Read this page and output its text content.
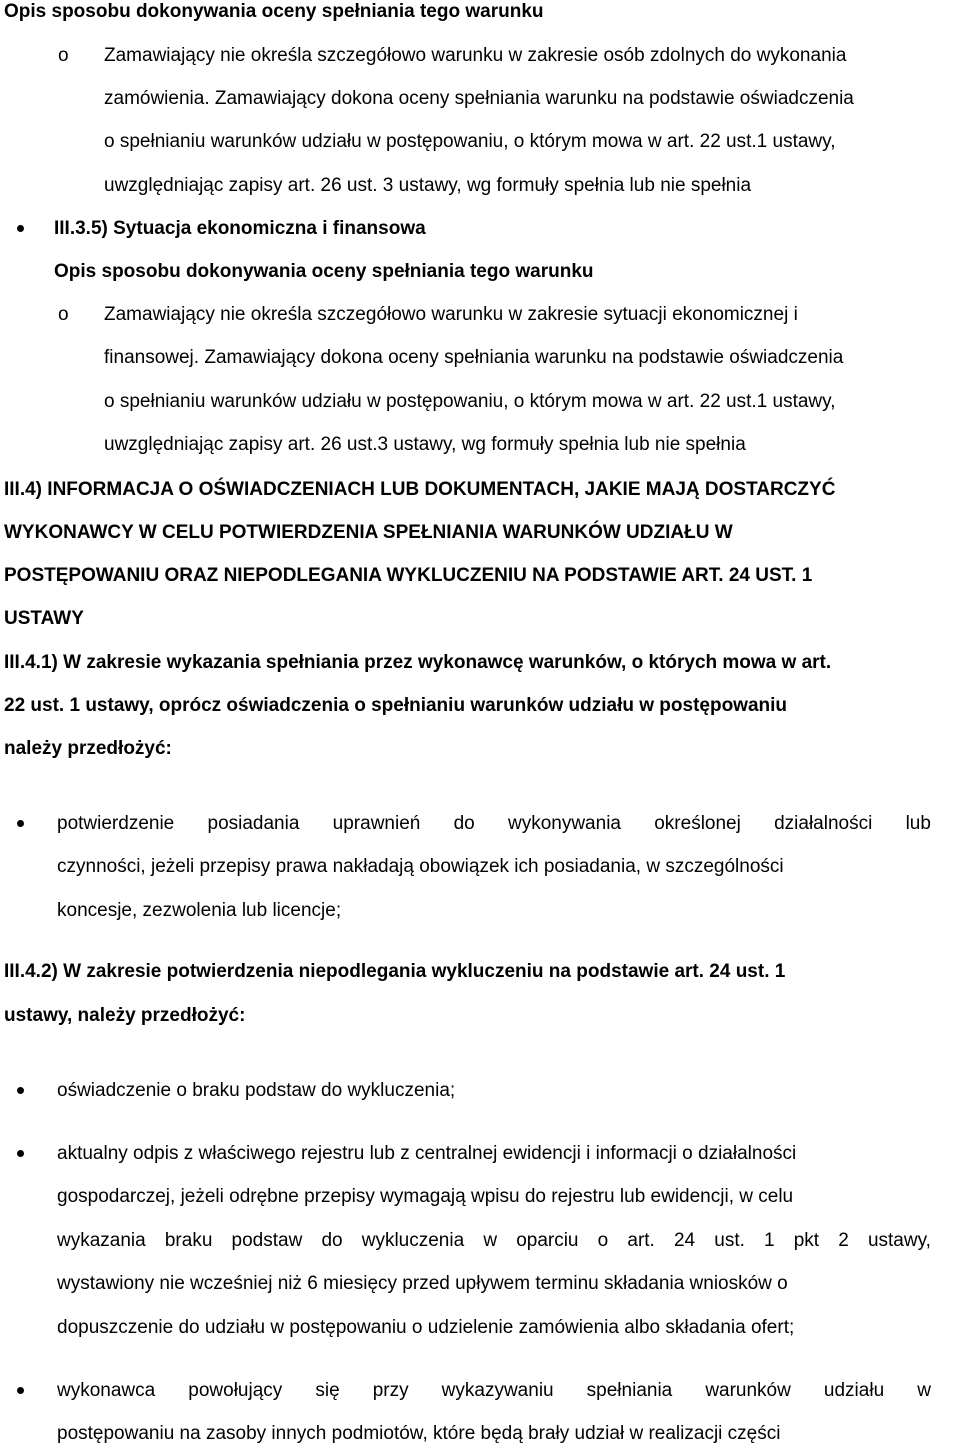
Opis sposobu dokonywania oceny spełniania tego warunku
o Zamawiający nie określa szczegółowo warunku w zakresie osób zdolnych do wykonania
zamówienia. Zamawiający dokona oceny spełniania warunku na podstawie oświadczenia
o spełnianiu warunków udziału w postępowaniu, o którym mowa w art. 22 ust.1 ustawy,
uwzględniając zapisy art. 26 ust. 3 ustawy, wg formuły spełnia lub nie spełnia
III.3.5) Sytuacja ekonomiczna i finansowa
Opis sposobu dokonywania oceny spełniania tego warunku
o Zamawiający nie określa szczegółowo warunku w zakresie sytuacji ekonomicznej i
finansowej. Zamawiający dokona oceny spełniania warunku na podstawie oświadczenia
o spełnianiu warunków udziału w postępowaniu, o którym mowa w art. 22 ust.1 ustawy,
uwzględniając zapisy art. 26 ust.3 ustawy, wg formuły spełnia lub nie spełnia
III.4) INFORMACJA O OŚWIADCZENIACH LUB DOKUMENTACH, JAKIE MAJĄ DOSTARCZYĆ
WYKONAWCY W CELU POTWIERDZENIA SPEŁNIANIA WARUNKÓW UDZIAŁU W
POSTĘPOWANIU ORAZ NIEPODLEGANIA WYKLUCZENIU NA PODSTAWIE ART. 24 UST. 1
USTAWY
III.4.1) W zakresie wykazania spełniania przez wykonawcę warunków, o których mowa w art.
22 ust. 1 ustawy, oprócz oświadczenia o spełnianiu warunków udziału w postępowaniu
należy przedłożyć:
potwierdzenie posiadania uprawnień do wykonywania określonej działalności lub
czynności, jeżeli przepisy prawa nakładają obowiązek ich posiadania, w szczególności
koncesje, zezwolenia lub licencje;
III.4.2) W zakresie potwierdzenia niepodlegania wykluczeniu na podstawie art. 24 ust. 1
ustawy, należy przedłożyć:
oświadczenie o braku podstaw do wykluczenia;
aktualny odpis z właściwego rejestru lub z centralnej ewidencji i informacji o działalności
gospodarczej, jeżeli odrębne przepisy wymagają wpisu do rejestru lub ewidencji, w celu
wykazania braku podstaw do wykluczenia w oparciu o art. 24 ust. 1 pkt 2 ustawy,
wystawiony nie wcześniej niż 6 miesięcy przed upływem terminu składania wniosków o
dopuszczenie do udziału w postępowaniu o udzielenie zamówienia albo składania ofert;
wykonawca powołujący się przy wykazywaniu spełniania warunków udziału w
postępowaniu na zasoby innych podmiotów, które będą brały udział w realizacji części
